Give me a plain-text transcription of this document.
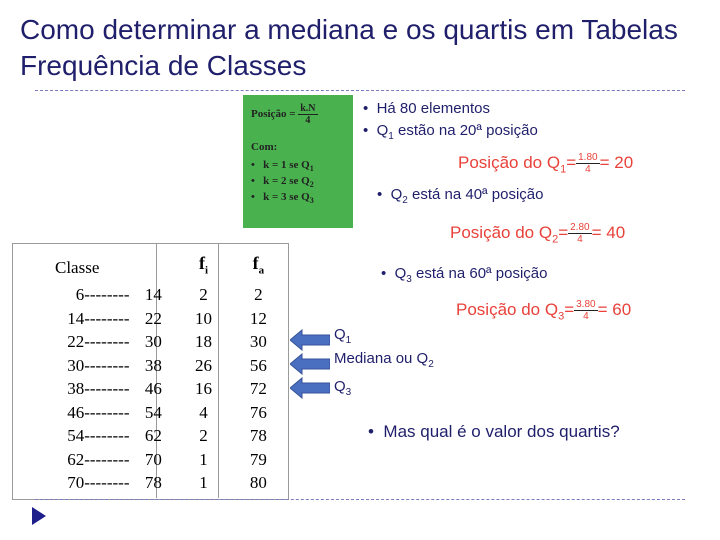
Como determinar a mediana e os quartis em Tabelas Frequência de Classes
Posição = $\frac{k.N}{4}$
Com:
•   k = 1 se $Q_1$
•   k = 2 se $Q_2$
•   k = 3 se $Q_3$
•  Há 80 elementos
•  $Q_1$ estão na 20ª posição
Posição do $Q_1= \frac{1.80}{4} = 20$
•  $Q_2$ está na 40ª posição
Posição do $Q_2= \frac{2.80}{4} = 40$
•  $Q_3$ está na 60ª posição
Posição do $Q_3= \frac{3.80}{4} = 60$
Classe		$f_i$	$f_a$
6--------	14	2	2
14--------	22	10	12
22--------	30	18	30
30--------	38	26	56
38--------	46	16	72
46--------	54	4	76
54--------	62	2	78
62--------	70	1	79
70--------	78	1	80
$Q_1$
Mediana ou $Q_2$
$Q_3$
•  Mas qual é o valor dos quartis?
